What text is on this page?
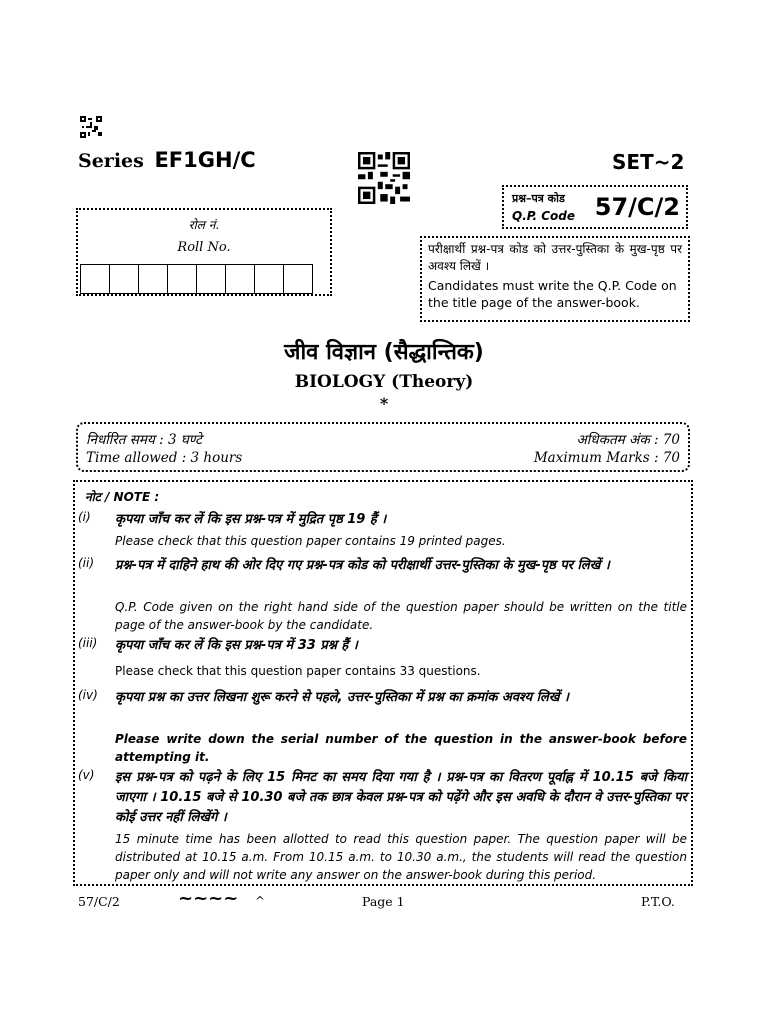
Series EF1GH/C	SET~2
प्रश्न–पत्र कोड
Q.P. Code 57/C/2
रोल नं.
Roll No.	परीक्षार्थी प्रश्न-पत्र कोड को उत्तर-पुस्तिका के मुख-पृष्ठ पर अवश्य लिखें ।
Candidates must write the Q.P. Code on the title page of the answer-book.
जीव विज्ञान (सैद्धान्तिक)
BIOLOGY (Theory)
*
निर्धारित समय : 3 घण्टे
Time allowed : 3 hours
अधिकतम अंक : 70
Maximum Marks : 70
नोट / NOTE :
(i) कृपया जाँच कर लें कि इस प्रश्न-पत्र में मुद्रित पृष्ठ 19 हैं ।
Please check that this question paper contains 19 printed pages.
(ii) प्रश्न-पत्र में दाहिने हाथ की ओर दिए गए प्रश्न-पत्र कोड को परीक्षार्थी उत्तर-पुस्तिका के मुख-पृष्ठ पर लिखें ।
Q.P. Code given on the right hand side of the question paper should be written on the title page of the answer-book by the candidate.
(iii) कृपया जाँच कर लें कि इस प्रश्न-पत्र में 33 प्रश्न हैं ।
Please check that this question paper contains 33 questions.
(iv) कृपया प्रश्न का उत्तर लिखना शुरू करने से पहले, उत्तर-पुस्तिका में प्रश्न का क्रमांक अवश्य लिखें ।
Please write down the serial number of the question in the answer-book before attempting it.
(v) इस प्रश्न-पत्र को पढ़ने के लिए 15 मिनट का समय दिया गया है । प्रश्न-पत्र का वितरण पूर्वाह्न में 10.15 बजे किया जाएगा । 10.15 बजे से 10.30 बजे तक छात्र केवल प्रश्न-पत्र को पढ़ेंगे और इस अवधि के दौरान वे उत्तर-पुस्तिका पर कोई उत्तर नहीं लिखेंगे ।
15 minute time has been allotted to read this question paper. The question paper will be distributed at 10.15 a.m. From 10.15 a.m. to 10.30 a.m., the students will read the question paper only and will not write any answer on the answer-book during this period.
57/C/2	~~~~ ^	Page 1	P.T.O.
